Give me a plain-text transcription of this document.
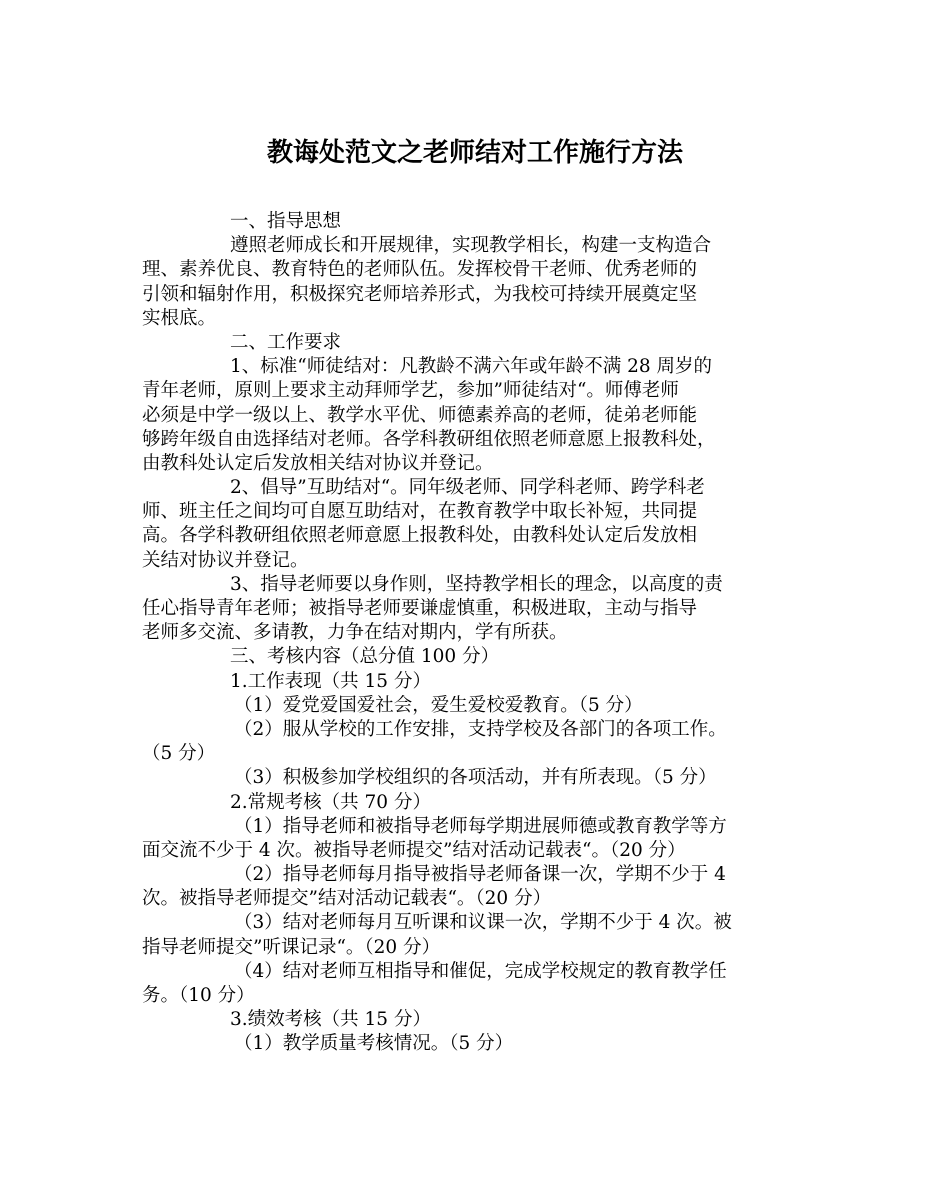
教诲处范文之老师结对工作施行方法
一、指导思想
遵照老师成长和开展规律，实现教学相长，构建一支构造合
理、素养优良、教育特色的老师队伍。发挥校骨干老师、优秀老师的
引领和辐射作用，积极探究老师培养形式，为我校可持续开展奠定坚
实根底。
二、工作要求
1、标准“师徒结对：凡教龄不满六年或年龄不满 28 周岁的
青年老师，原则上要求主动拜师学艺，参加”师徒结对“。师傅老师
必须是中学一级以上、教学水平优、师德素养高的老师，徒弟老师能
够跨年级自由选择结对老师。各学科教研组依照老师意愿上报教科处，
由教科处认定后发放相关结对协议并登记。
2、倡导”互助结对“。同年级老师、同学科老师、跨学科老
师、班主任之间均可自愿互助结对，在教育教学中取长补短，共同提
高。各学科教研组依照老师意愿上报教科处，由教科处认定后发放相
关结对协议并登记。
3、指导老师要以身作则，坚持教学相长的理念，以高度的责
任心指导青年老师；被指导老师要谦虚慎重，积极进取，主动与指导
老师多交流、多请教，力争在结对期内，学有所获。
三、考核内容（总分值 100 分）
1.工作表现（共 15 分）
（1）爱党爱国爱社会，爱生爱校爱教育。（5 分）
（2）服从学校的工作安排，支持学校及各部门的各项工作。
（5 分）
（3）积极参加学校组织的各项活动，并有所表现。（5 分）
2.常规考核（共 70 分）
（1）指导老师和被指导老师每学期进展师德或教育教学等方
面交流不少于 4 次。被指导老师提交”结对活动记载表“。（20 分）
（2）指导老师每月指导被指导老师备课一次，学期不少于 4
次。被指导老师提交”结对活动记载表“。（20 分）
（3）结对老师每月互听课和议课一次，学期不少于 4 次。被
指导老师提交”听课记录“。（20 分）
（4）结对老师互相指导和催促，完成学校规定的教育教学任
务。（10 分）
3.绩效考核（共 15 分）
（1）教学质量考核情况。（5 分）
